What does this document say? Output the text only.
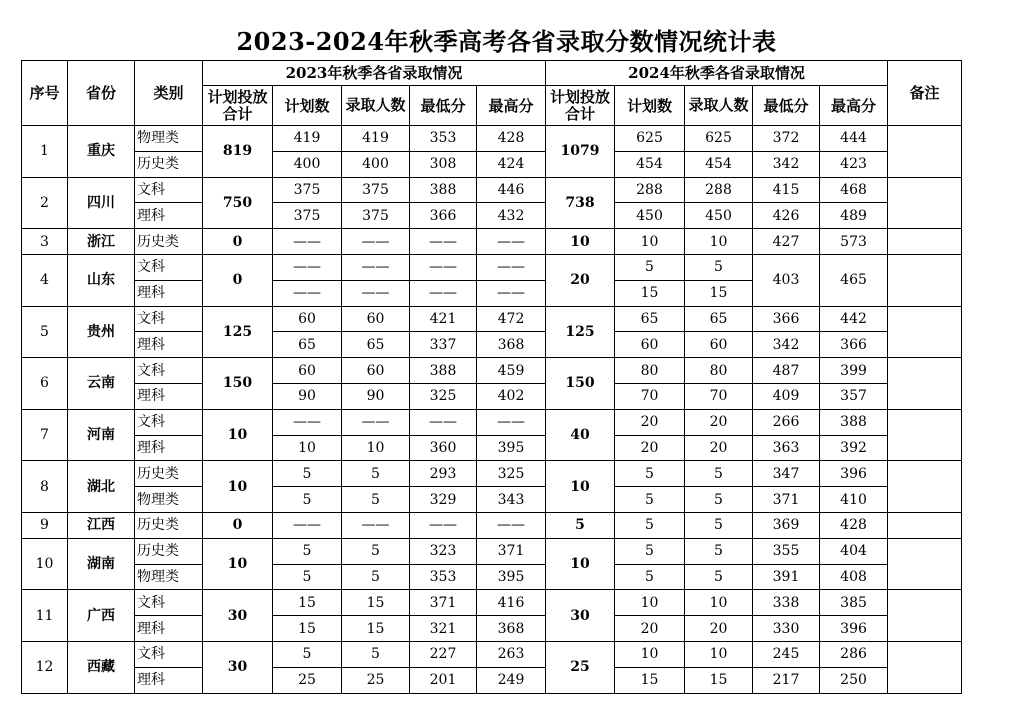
2023-2024年秋季高考各省录取分数情况统计表
序号	省份	类别	2023年秋季各省录取情况					2024年秋季各省录取情况					备注
			计划投放合计	计划数	录取人数	最低分	最高分	计划投放合计	计划数	录取人数	最低分	最高分	
1	重庆	物理类	819	419	419	353	428	1079	625	625	372	444	
		历史类		400	400	308	424		454	454	342	423	
2	四川	文科	750	375	375	388	446	738	288	288	415	468	
		理科		375	375	366	432		450	450	426	489	
3	浙江	历史类	0	——	——	——	——	10	10	10	427	573	
4	山东	文科	0	——	——	——	——	20	5	5	403	465	
		理科		——	——	——	——		15	15			
5	贵州	文科	125	60	60	421	472	125	65	65	366	442	
		理科		65	65	337	368		60	60	342	366	
6	云南	文科	150	60	60	388	459	150	80	80	487	399	
		理科		90	90	325	402		70	70	409	357	
7	河南	文科	10	——	——	——	——	40	20	20	266	388	
		理科		10	10	360	395		20	20	363	392	
8	湖北	历史类	10	5	5	293	325	10	5	5	347	396	
		物理类		5	5	329	343		5	5	371	410	
9	江西	历史类	0	——	——	——	——	5	5	5	369	428	
10	湖南	历史类	10	5	5	323	371	10	5	5	355	404	
		物理类		5	5	353	395		5	5	391	408	
11	广西	文科	30	15	15	371	416	30	10	10	338	385	
		理科		15	15	321	368		20	20	330	396	
12	西藏	文科	30	5	5	227	263	25	10	10	245	286	
		理科		25	25	201	249		15	15	217	250	
